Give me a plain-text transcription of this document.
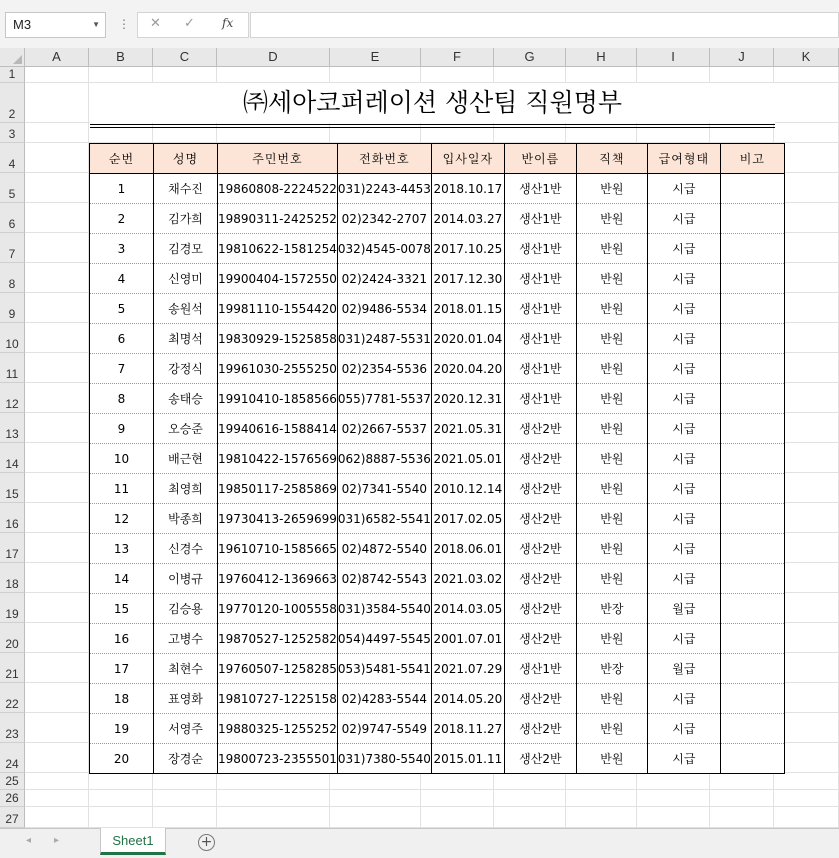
M3	▼ ⋮ ✕ ✓ fx
A	B	C	D	E	F	G	H	I	J	K
1
2
3
4
5
6
7
8
9
10
11
12
13
14
15
16
17
18
19
20
21
22
23
24
25
26
27
㈜세아코퍼레이션 생산팀 직원명부
순번	성명	주민번호	전화번호	입사일자	반이름	직책	급여형태	비고
1	채수진	19860808-2224522	031)2243-4453	2018.10.17	생산1반	반원	시급	
2	김가희	19890311-2425252	02)2342-2707	2014.03.27	생산1반	반원	시급	
3	김경모	19810622-1581254	032)4545-0078	2017.10.25	생산1반	반원	시급	
4	신영미	19900404-1572550	02)2424-3321	2017.12.30	생산1반	반원	시급	
5	송원석	19981110-1554420	02)9486-5534	2018.01.15	생산1반	반원	시급	
6	최명석	19830929-1525858	031)2487-5531	2020.01.04	생산1반	반원	시급	
7	강정식	19961030-2555250	02)2354-5536	2020.04.20	생산1반	반원	시급	
8	송태승	19910410-1858566	055)7781-5537	2020.12.31	생산1반	반원	시급	
9	오승준	19940616-1588414	02)2667-5537	2021.05.31	생산2반	반원	시급	
10	배근현	19810422-1576569	062)8887-5536	2021.05.01	생산2반	반원	시급	
11	최영희	19850117-2585869	02)7341-5540	2010.12.14	생산2반	반원	시급	
12	박종희	19730413-2659699	031)6582-5541	2017.02.05	생산2반	반원	시급	
13	신경수	19610710-1585665	02)4872-5540	2018.06.01	생산2반	반원	시급	
14	이병규	19760412-1369663	02)8742-5543	2021.03.02	생산2반	반원	시급	
15	김승용	19770120-1005558	031)3584-5540	2014.03.05	생산2반	반장	월급	
16	고병수	19870527-1252582	054)4497-5545	2001.07.01	생산2반	반원	시급	
17	최현수	19760507-1258285	053)5481-5541	2021.07.29	생산1반	반장	월급	
18	표영화	19810727-1225158	02)4283-5544	2014.05.20	생산2반	반원	시급	
19	서영주	19880325-1255252	02)9747-5549	2018.11.27	생산2반	반원	시급	
20	장경순	19800723-2355501	031)7380-5540	2015.01.11	생산2반	반원	시급	
◂ ▸	Sheet1	+
